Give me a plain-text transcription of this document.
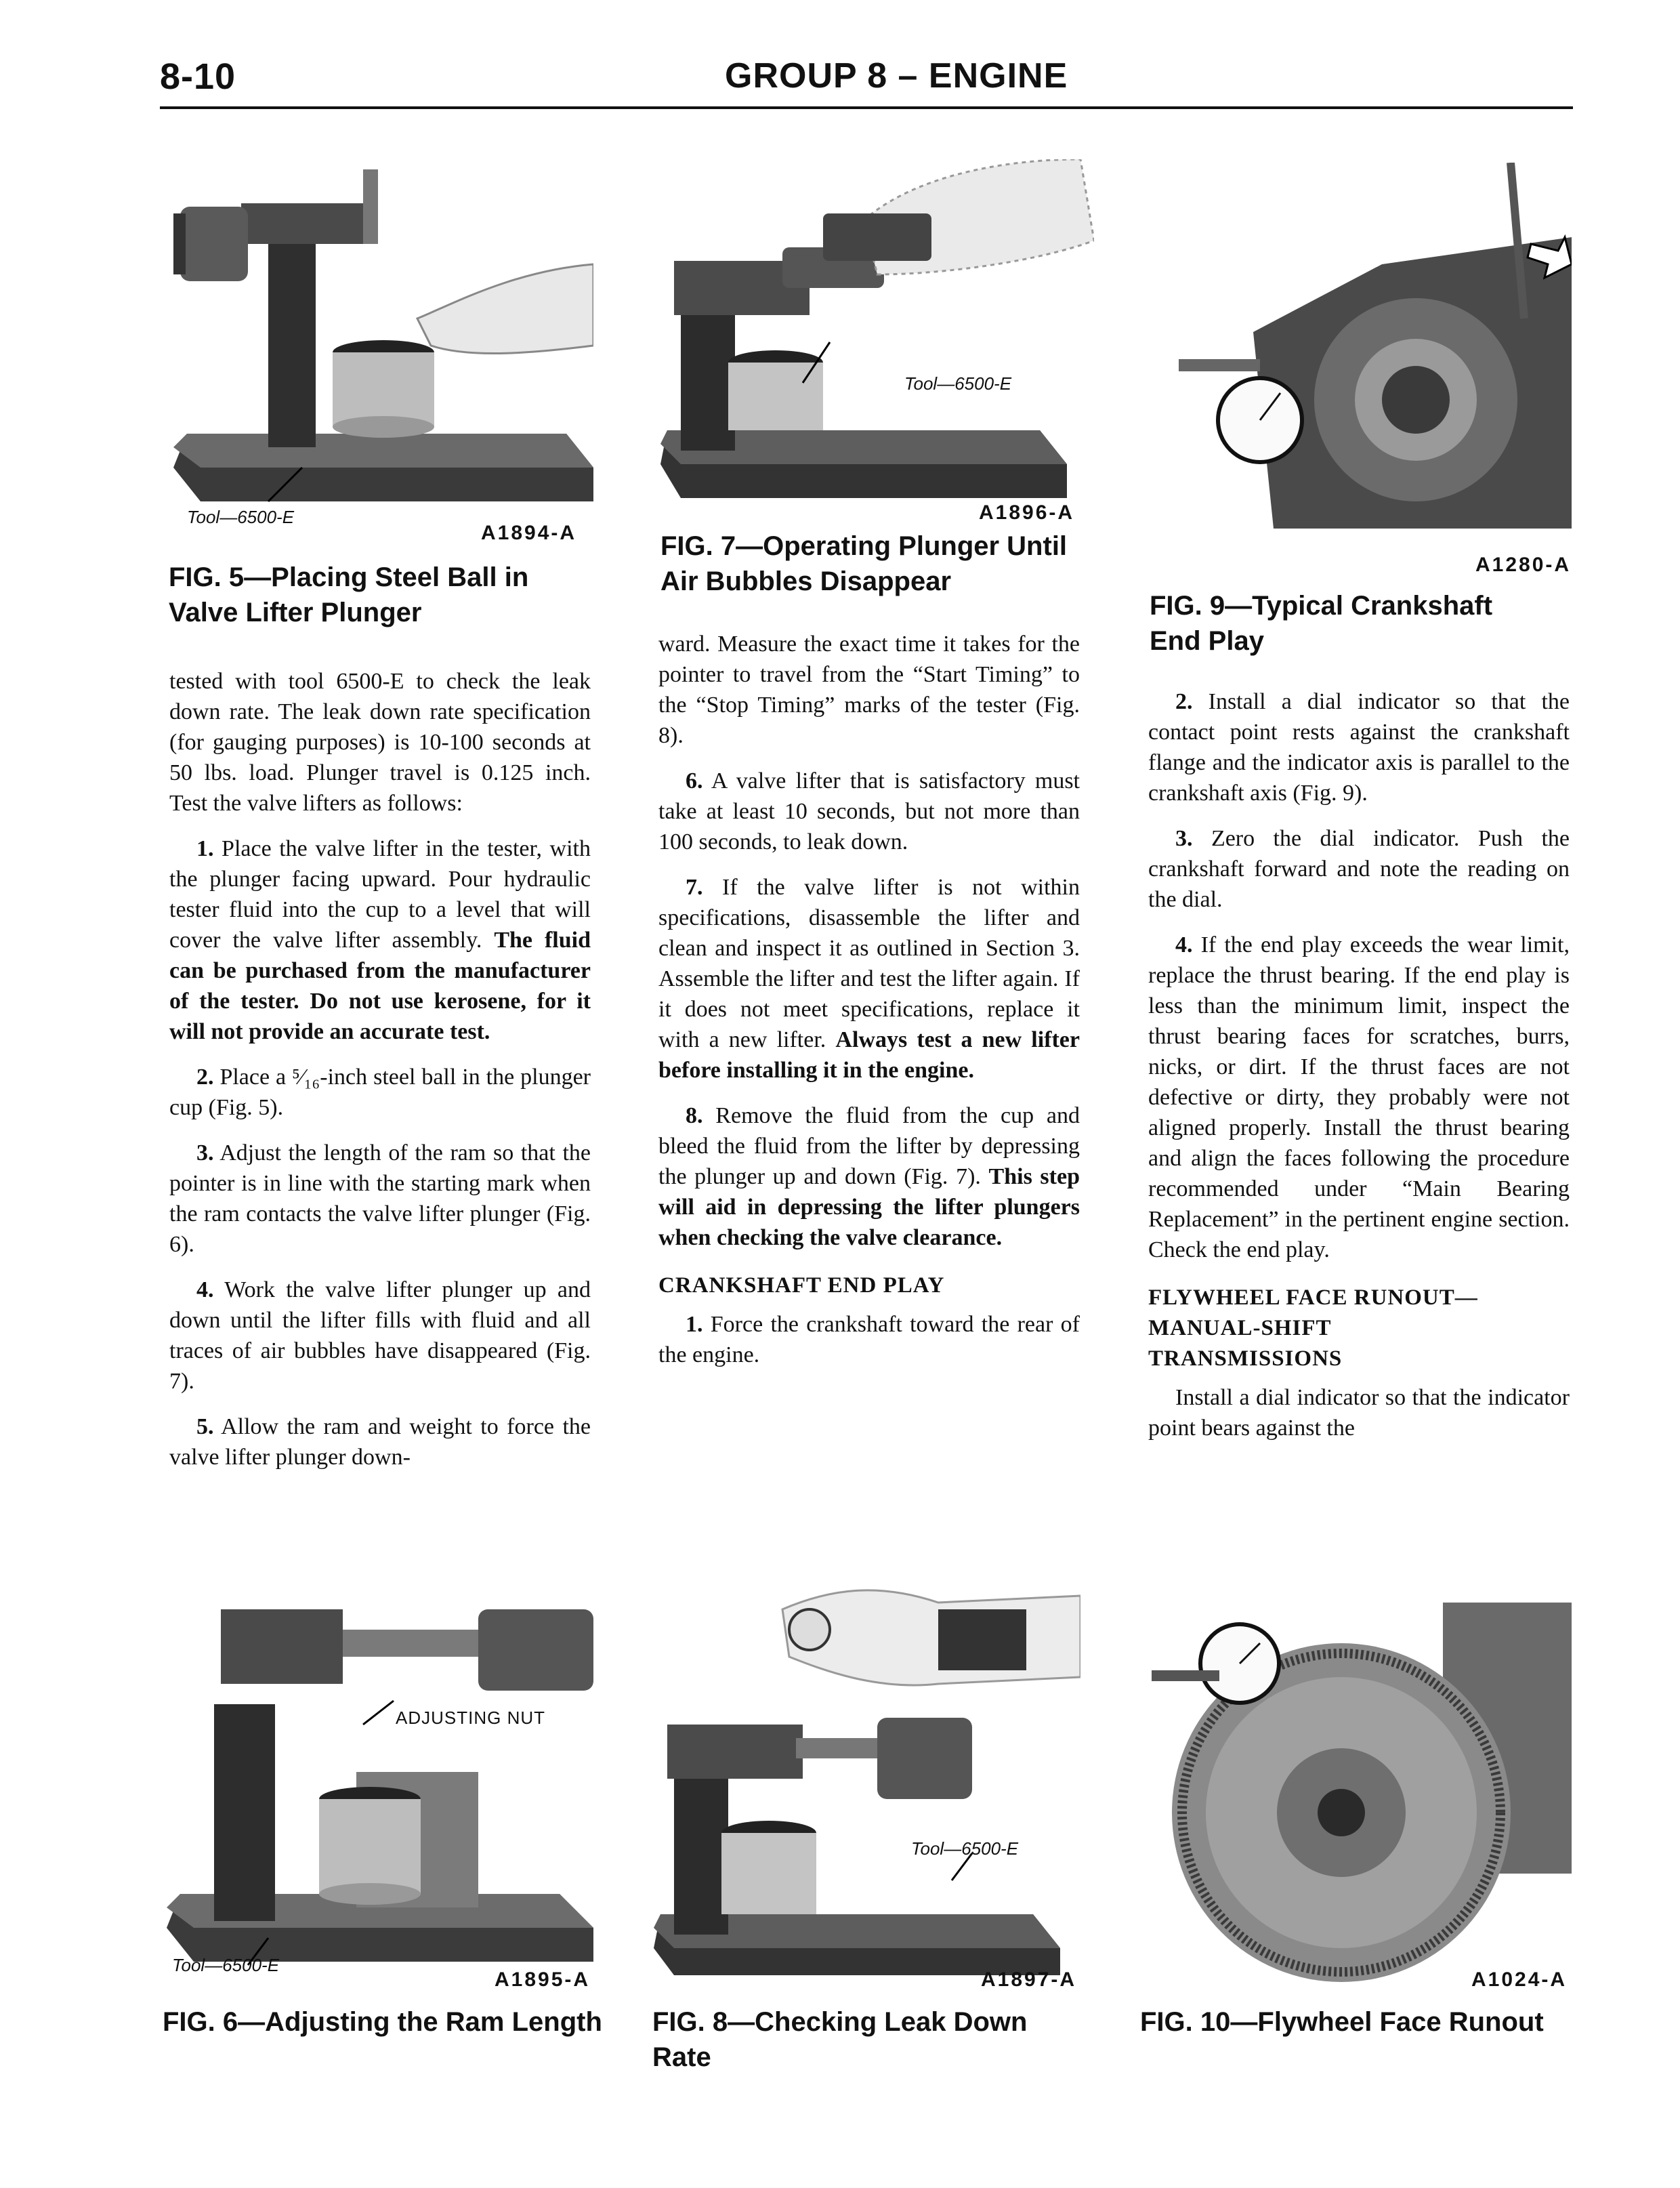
8-10	GROUP 8 – ENGINE
Tool—6500-E
A1894-A
FIG. 5—Placing Steel Ball in Valve Lifter Plunger
Tool—6500-E
A1896-A
FIG. 7—Operating Plunger Until Air Bubbles Disappear
A1280-A
FIG. 9—Typical Crankshaft End Play

tested with tool 6500-E to check the leak down rate. The leak down rate specification (for gauging purposes) is 10-100 seconds at 50 lbs. load. Plunger travel is 0.125 inch. Test the valve lifters as follows:

1. Place the valve lifter in the tester, with the plunger facing upward. Pour hydraulic tester fluid into the cup to a level that will cover the valve lifter assembly. The fluid can be purchased from the manufacturer of the tester. Do not use kerosene, for it will not provide an accurate test.

2. Place a ⁵⁄₁₆-inch steel ball in the plunger cup (Fig. 5).

3. Adjust the length of the ram so that the pointer is in line with the starting mark when the ram contacts the valve lifter plunger (Fig. 6).

4. Work the valve lifter plunger up and down until the lifter fills with fluid and all traces of air bubbles have disappeared (Fig. 7).

5. Allow the ram and weight to force the valve lifter plunger down-

ward. Measure the exact time it takes for the pointer to travel from the “Start Timing” to the “Stop Timing” marks of the tester (Fig. 8).

6. A valve lifter that is satisfactory must take at least 10 seconds, but not more than 100 seconds, to leak down.

7. If the valve lifter is not within specifications, disassemble the lifter and clean and inspect it as outlined in Section 3. Assemble the lifter and test the lifter again. If it does not meet specifications, replace it with a new lifter. Always test a new lifter before installing it in the engine.

8. Remove the fluid from the cup and bleed the fluid from the lifter by depressing the plunger up and down (Fig. 7). This step will aid in depressing the lifter plungers when checking the valve clearance.

CRANKSHAFT END PLAY

1. Force the crankshaft toward the rear of the engine.

2. Install a dial indicator so that the contact point rests against the crankshaft flange and the indicator axis is parallel to the crankshaft axis (Fig. 9).

3. Zero the dial indicator. Push the crankshaft forward and note the reading on the dial.

4. If the end play exceeds the wear limit, replace the thrust bearing. If the end play is less than the minimum limit, inspect the thrust bearing faces for scratches, burrs, nicks, or dirt. If the thrust faces are not defective or dirty, they probably were not aligned properly. Install the thrust bearing and align the faces following the procedure recommended under “Main Bearing Replacement” in the pertinent engine section. Check the end play.

FLYWHEEL FACE RUNOUT—MANUAL-SHIFT TRANSMISSIONS

Install a dial indicator so that the indicator point bears against the

ADJUSTING NUT
Tool—6500-E
A1895-A
FIG. 6—Adjusting the Ram Length
Tool—6500-E
A1897-A
FIG. 8—Checking Leak Down Rate
A1024-A
FIG. 10—Flywheel Face Runout
